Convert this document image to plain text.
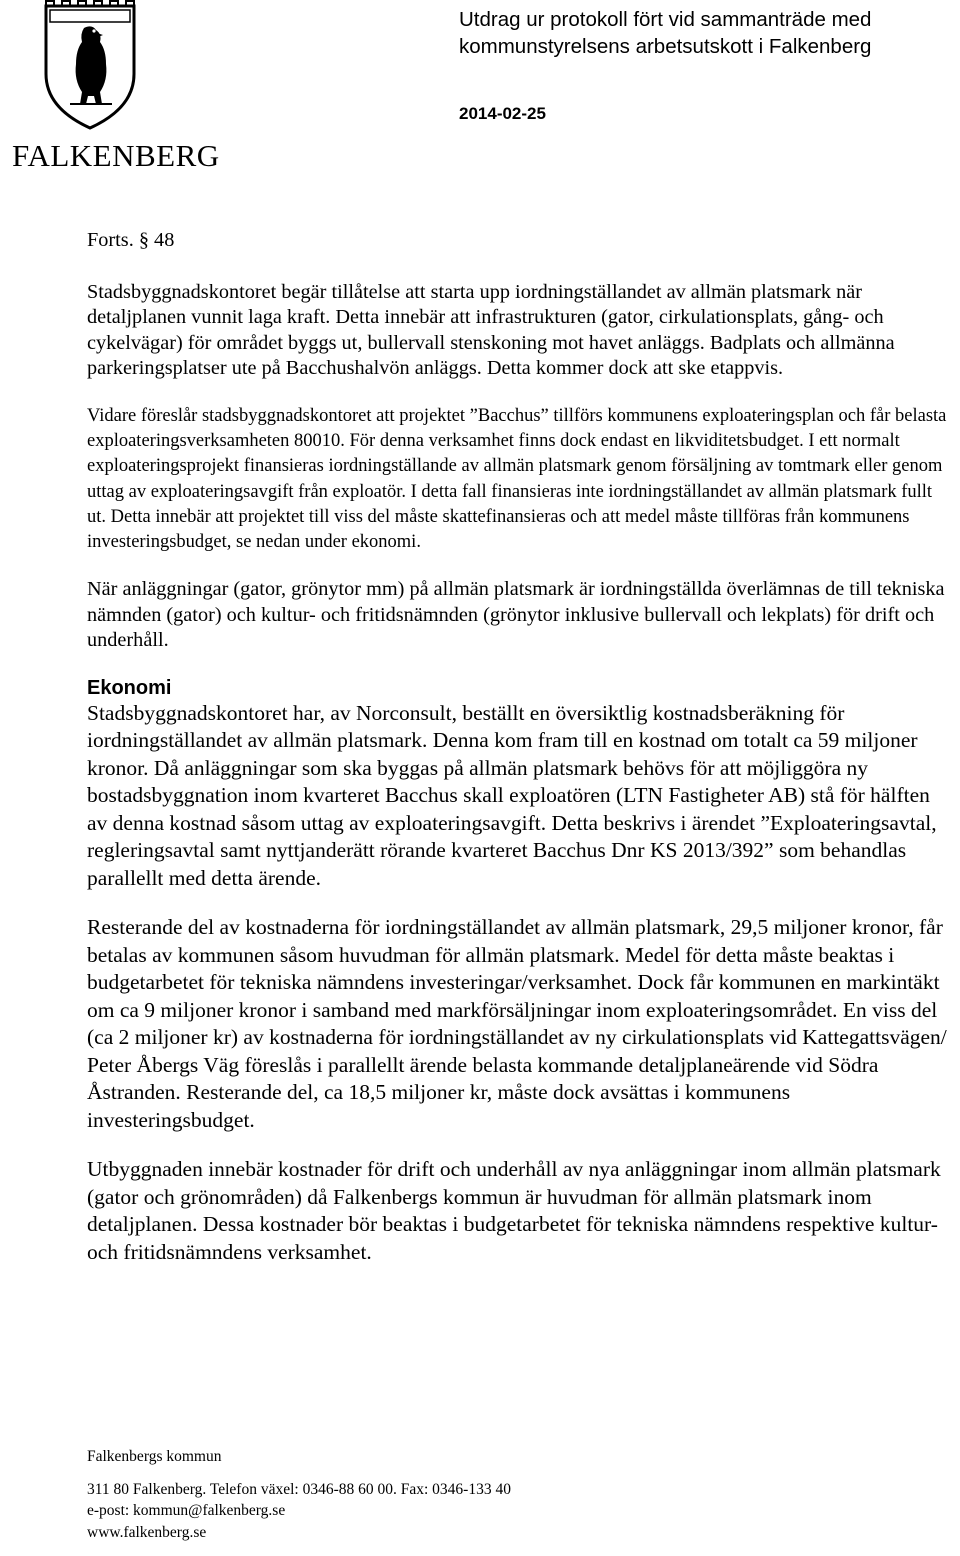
FALKENBERG
Utdrag ur protokoll fört vid sammanträde med kommunstyrelsens arbetsutskott i Falkenberg
2014-02-25

Forts. § 48

Stadsbyggnadskontoret begär tillåtelse att starta upp iordningställandet av allmän platsmark när detaljplanen vunnit laga kraft. Detta innebär att infrastrukturen (gator, cirkulationsplats, gång- och cykelvägar) för området byggs ut, bullervall stenskoning mot havet anläggs. Badplats och allmänna parkeringsplatser ute på Bacchushalvön anläggs. Detta kommer dock att ske etappvis.

Vidare föreslår stadsbyggnadskontoret att projektet ”Bacchus” tillförs kommunens exploateringsplan och får belasta exploateringsverksamheten 80010. För denna verksamhet finns dock endast en likviditetsbudget. I ett normalt exploateringsprojekt finansieras iordningställande av allmän platsmark genom försäljning av tomtmark eller genom uttag av exploateringsavgift från exploatör. I detta fall finansieras inte iordningställandet av allmän platsmark fullt ut. Detta innebär att projektet till viss del måste skattefinansieras och att medel måste tillföras från kommunens investeringsbudget, se nedan under ekonomi.

När anläggningar (gator, grönytor mm) på allmän platsmark är iordningställda överlämnas de till tekniska nämnden (gator) och kultur- och fritidsnämnden (grönytor inklusive bullervall och lekplats) för drift och underhåll.

Ekonomi

Stadsbyggnadskontoret har, av Norconsult, beställt en översiktlig kostnadsberäkning för iordningställandet av allmän platsmark. Denna kom fram till en kostnad om totalt ca 59 miljoner kronor. Då anläggningar som ska byggas på allmän platsmark behövs för att möjliggöra ny bostadsbyggnation inom kvarteret Bacchus skall exploatören (LTN Fastigheter AB) stå för hälften av denna kostnad såsom uttag av exploateringsavgift. Detta beskrivs i ärendet ”Exploateringsavtal, regleringsavtal samt nyttjanderätt rörande kvarteret Bacchus Dnr KS 2013/392” som behandlas parallellt med detta ärende.

Resterande del av kostnaderna för iordningställandet av allmän platsmark, 29,5 miljoner kronor, får betalas av kommunen såsom huvudman för allmän platsmark. Medel för detta måste beaktas i budgetarbetet för tekniska nämndens investeringar/verksamhet. Dock får kommunen en markintäkt om ca 9 miljoner kronor i samband med markförsäljningar inom exploateringsområdet. En viss del (ca 2 miljoner kr) av kostnaderna för iordningställandet av ny cirkulationsplats vid Kattegattsvägen/ Peter Åbergs Väg föreslås i parallellt ärende belasta kommande detaljplaneärende vid Södra Åstranden. Resterande del, ca 18,5 miljoner kr, måste dock avsättas i kommunens investeringsbudget.

Utbyggnaden innebär kostnader för drift och underhåll av nya anläggningar inom allmän platsmark (gator och grönområden) då Falkenbergs kommun är huvudman för allmän platsmark inom detaljplanen. Dessa kostnader bör beaktas i budgetarbetet för tekniska nämndens respektive kultur- och fritidsnämndens verksamhet.

Falkenbergs kommun
311 80 Falkenberg. Telefon växel: 0346-88 60 00. Fax: 0346-133 40
e-post: kommun@falkenberg.se
www.falkenberg.se
